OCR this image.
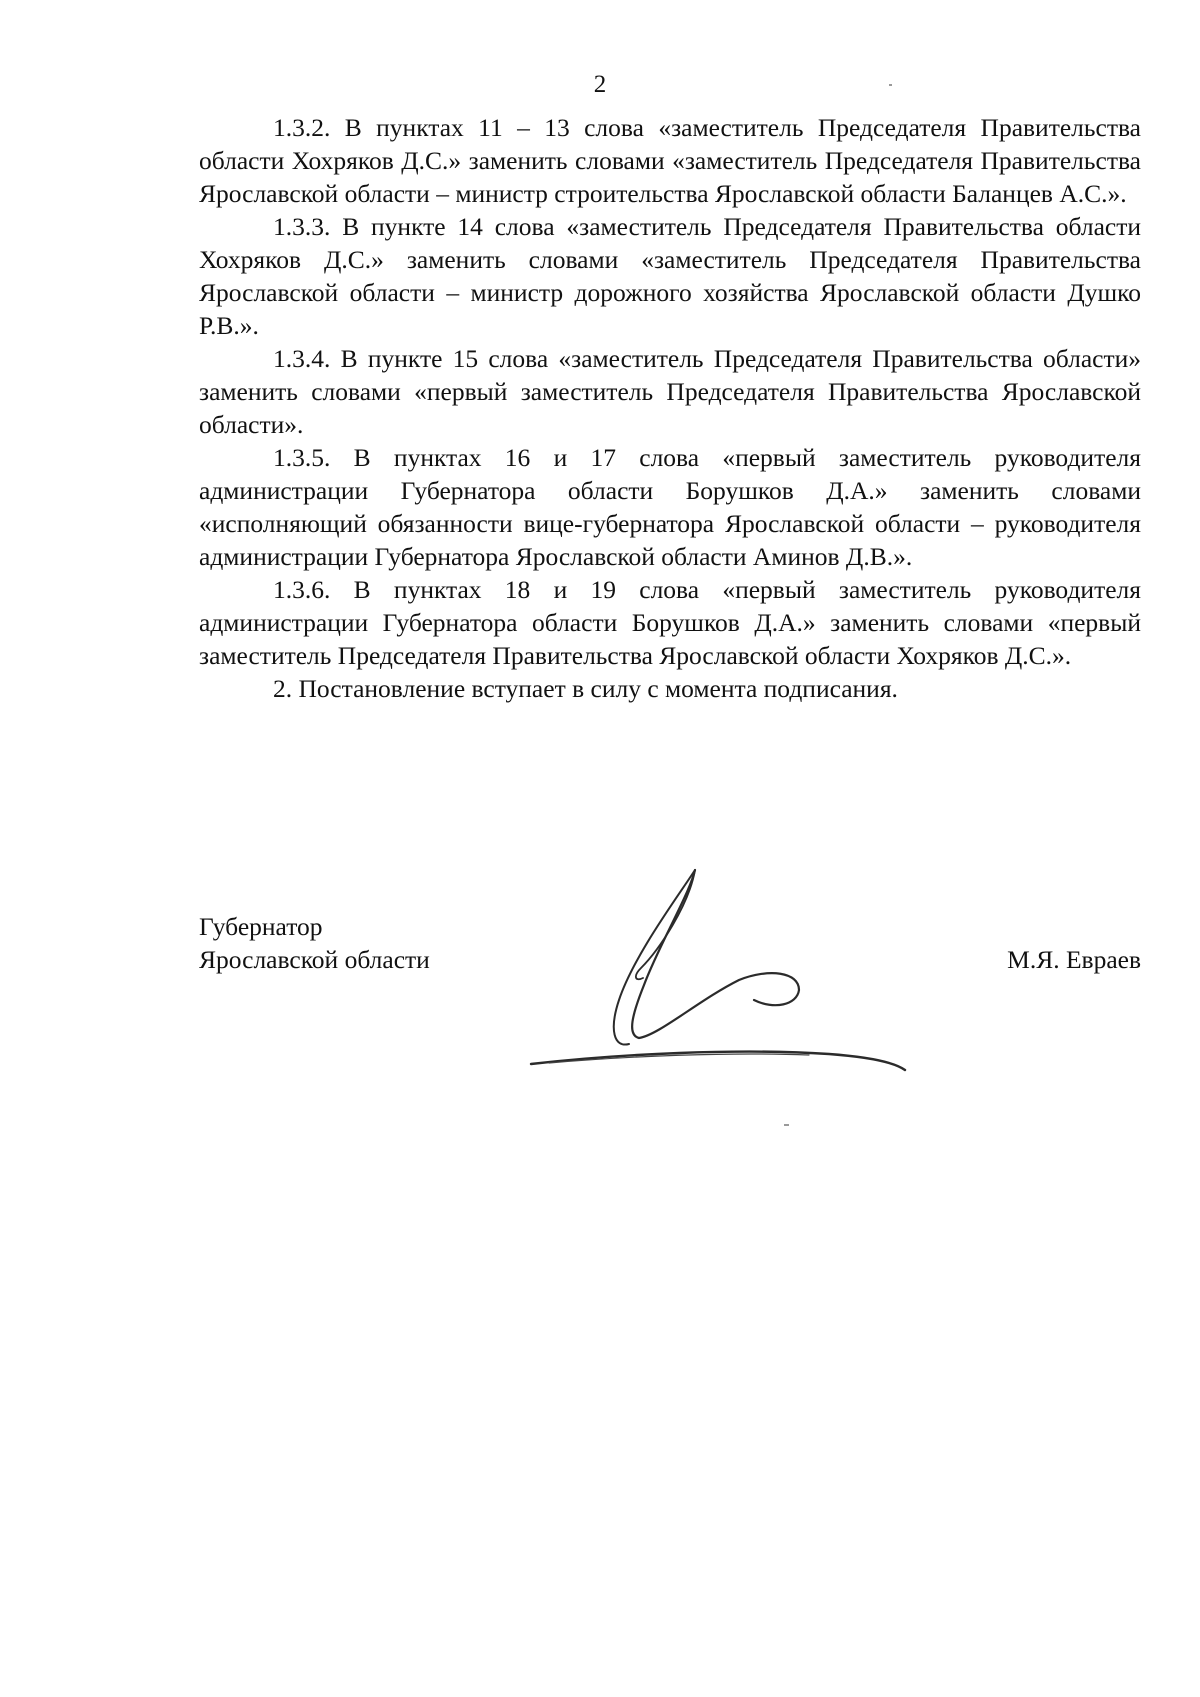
2

1.3.2. В пунктах 11 – 13 слова «заместитель Председателя Правительства области Хохряков Д.С.» заменить словами «заместитель Председателя Правительства Ярославской области – министр строительства Ярославской области Баланцев А.С.».

1.3.3. В пункте 14 слова «заместитель Председателя Правительства области Хохряков Д.С.» заменить словами «заместитель Председателя Правительства Ярославской области – министр дорожного хозяйства Ярославской области Душко Р.В.».

1.3.4. В пункте 15 слова «заместитель Председателя Правительства области» заменить словами «первый заместитель Председателя Правительства Ярославской области».

1.3.5. В пунктах 16 и 17 слова «первый заместитель руководителя администрации Губернатора области Борушков Д.А.» заменить словами «исполняющий обязанности вице-губернатора Ярославской области – руководителя администрации Губернатора Ярославской области Аминов Д.В.».

1.3.6. В пунктах 18 и 19 слова «первый заместитель руководителя администрации Губернатора области Борушков Д.А.» заменить словами «первый заместитель Председателя Правительства Ярославской области Хохряков Д.С.».

2. Постановление вступает в силу с момента подписания.

Губернатор
Ярославской области	М.Я. Евраев
